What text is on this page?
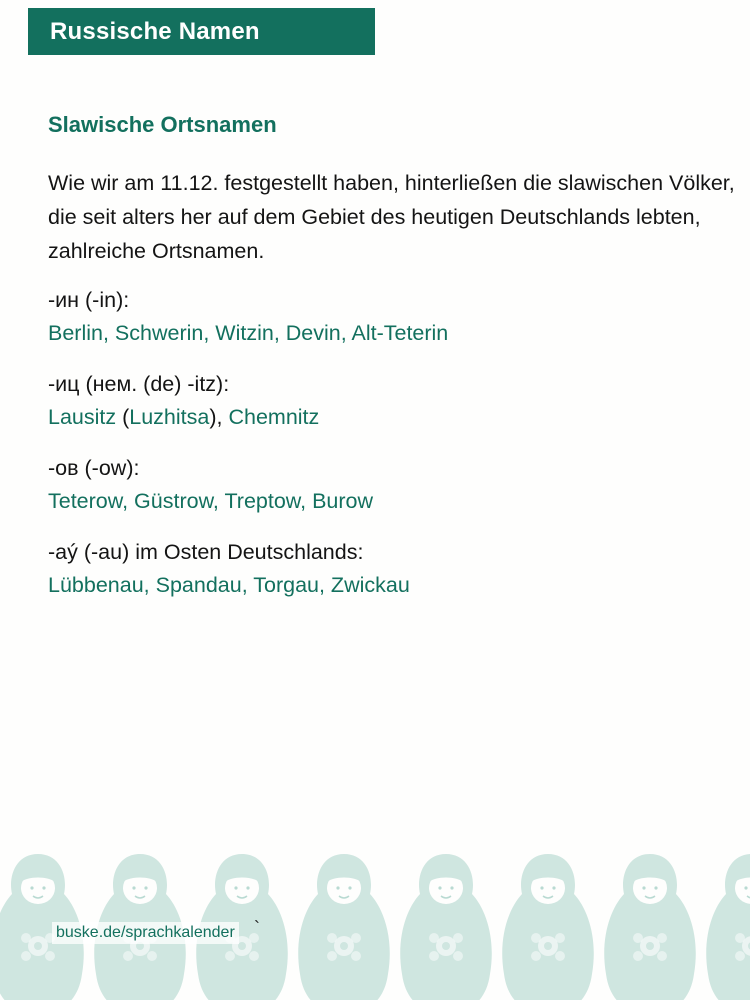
Russische Namen
Slawische Ortsnamen
Wie wir am 11.12. festgestellt haben, hinterließen die slawischen Völker, die seit alters her auf dem Gebiet des heutigen Deutschlands lebten, zahlreiche Ortsnamen.
-ин (-in):
Berlin, Schwerin, Witzin, Devin, Alt-Teterin
-иц (нем. (de) -itz):
Lausitz (Luzhitsa), Chemnitz
-ов (-ow):
Teterow, Güstrow, Treptow, Burow
-аý (-au) im Osten Deutschlands:
Lübbenau, Spandau, Torgau, Zwickau
buske.de/sprachkalender `
